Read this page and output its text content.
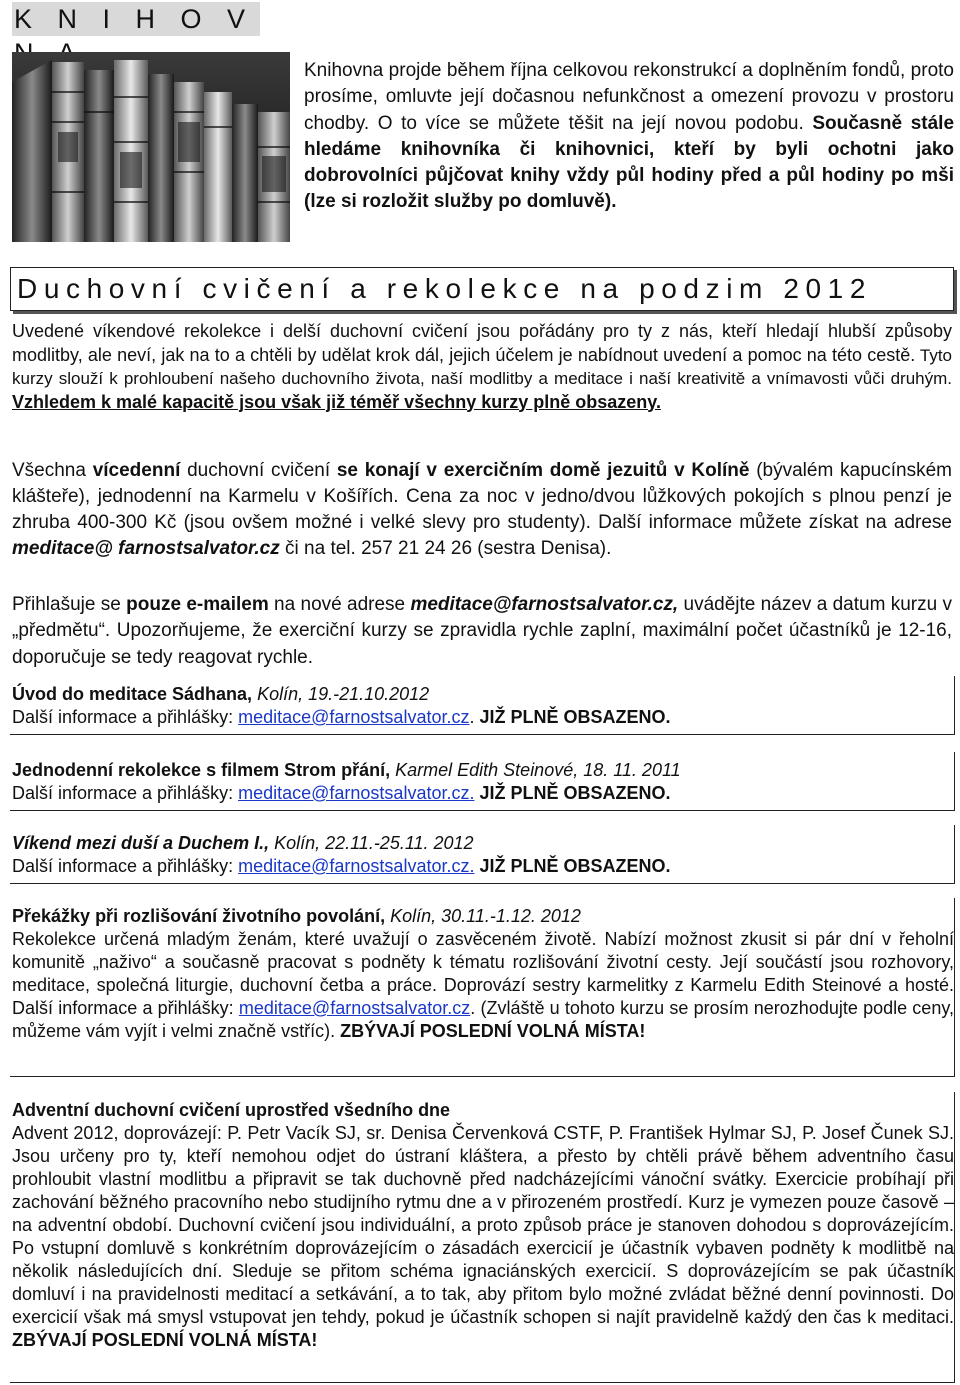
K N I H O V
Knihovna projde během října celkovou rekonstrukcí a doplněním fondů, proto prosíme, omluvte její dočasnou nefunkčnost a omezení provozu v prostoru chodby. O to více se můžete těšit na její novou podobu. Současně stále hledáme knihovníka či knihovnici, kteří by byli ochotni jako dobrovolníci půjčovat knihy vždy půl hodiny před a půl hodiny po mši (lze si rozložit služby po domluvě).
Duchovní cvičení a rekolekce na podzim 2012
Uvedené víkendové rekolekce i delší duchovní cvičení jsou pořádány pro ty z nás, kteří hledají hlubší způsoby modlitby, ale neví, jak na to a chtěli by udělat krok dál, jejich účelem je nabídnout uvedení a pomoc na této cestě. Tyto kurzy slouží k prohloubení našeho duchovního života, naší modlitby a meditace i naší kreativitě a vnímavosti vůči druhým. Vzhledem k malé kapacitě jsou však již téměř všechny kurzy plně obsazeny.
Všechna vícedenní duchovní cvičení se konají v exercičním domě jezuitů v Kolíně (bývalém kapucínském klášteře), jednodenní na Karmelu v Košířích. Cena za noc v jedno/dvou lůžkových pokojích s plnou penzí je zhruba 400-300 Kč (jsou ovšem možné i velké slevy pro studenty). Další informace můžete získat na adrese meditace@ farnostsalvator.cz či na tel. 257 21 24 26 (sestra Denisa).
Přihlašuje se pouze e-mailem na nové adrese meditace@farnostsalvator.cz, uvádějte název a datum kurzu v „předmětu“. Upozorňujeme, že exerciční kurzy se zpravidla rychle zaplní, maximální počet účastníků je 12-16, doporučuje se tedy reagovat rychle.
Úvod do meditace Sádhana, Kolín, 19.-21.10.2012
Další informace a přihlášky: meditace@farnostsalvator.cz. JIŽ PLNĚ OBSAZENO.
Jednodenní rekolekce s filmem Strom přání, Karmel Edith Steinové, 18. 11. 2011
Další informace a přihlášky: meditace@farnostsalvator.cz. JIŽ PLNĚ OBSAZENO.
Víkend mezi duší a Duchem I., Kolín, 22.11.-25.11. 2012
Další informace a přihlášky: meditace@farnostsalvator.cz. JIŽ PLNĚ OBSAZENO.
Překážky při rozlišování životního povolání, Kolín, 30.11.-1.12. 2012
Rekolekce určená mladým ženám, které uvažují o zasvěceném životě. Nabízí možnost zkusit si pár dní v řeholní komunitě „naživo“ a současně pracovat s podněty k tématu rozlišování životní cesty. Její součástí jsou rozhovory, meditace, společná liturgie, duchovní četba a práce. Doprovází sestry karmelitky z Karmelu Edith Steinové a hosté. Další informace a přihlášky: meditace@farnostsalvator.cz. (Zvláště u tohoto kurzu se prosím nerozhodujte podle ceny, můžeme vám vyjít i velmi značně vstříc). ZBÝVAJÍ POSLEDNÍ VOLNÁ MÍSTA!
Adventní duchovní cvičení uprostřed všedního dne
Advent 2012, doprovázejí: P. Petr Vacík SJ, sr. Denisa Červenková CSTF, P. František Hylmar SJ, P. Josef Čunek SJ. Jsou určeny pro ty, kteří nemohou odjet do ústraní kláštera, a přesto by chtěli právě během adventního času prohloubit vlastní modlitbu a připravit se tak duchovně před nadcházejícími vánoční svátky. Exercicie probíhají při zachování běžného pracovního nebo studijního rytmu dne a v přirozeném prostředí. Kurz je vymezen pouze časově – na adventní období. Duchovní cvičení jsou individuální, a proto způsob práce je stanoven dohodou s doprovázejícím. Po vstupní domluvě s konkrétním doprovázejícím o zásadách exercicií je účastník vybaven podněty k modlitbě na několik následujících dní. Sleduje se přitom schéma ignaciánských exercicií. S doprovázejícím se pak účastník domluví i na pravidelnosti meditací a setkávání, a to tak, aby přitom bylo možné zvládat běžné denní povinnosti. Do exercicií však má smysl vstupovat jen tehdy, pokud je účastník schopen si najít pravidelně každý den čas k meditaci. ZBÝVAJÍ POSLEDNÍ VOLNÁ MÍSTA!
